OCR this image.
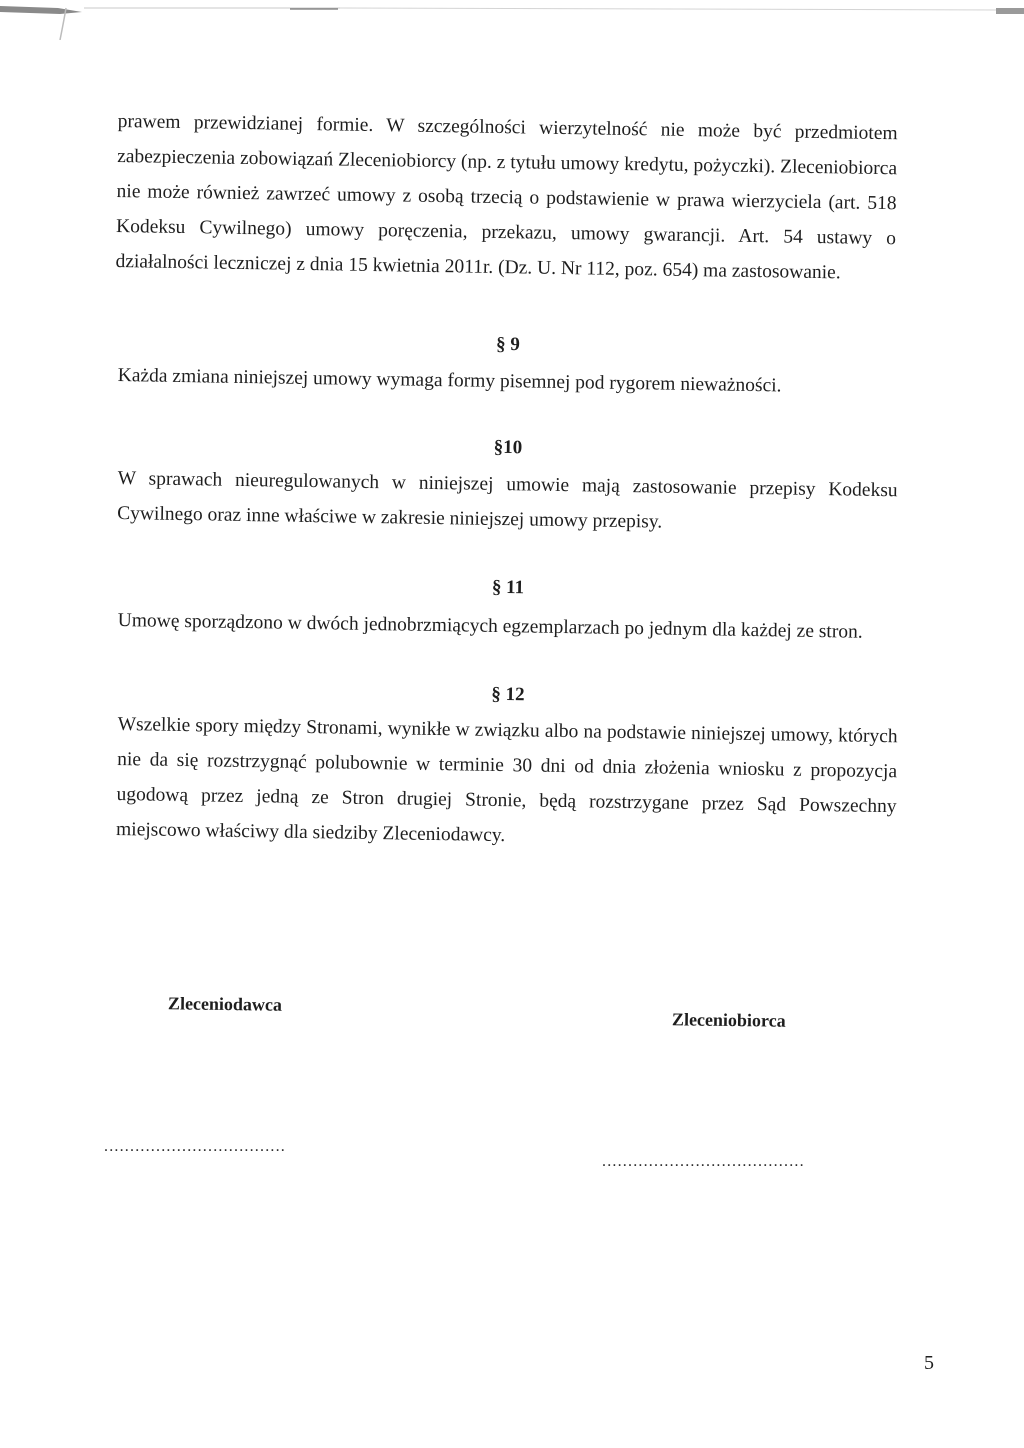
prawem przewidzianej formie. W szczególności wierzytelność nie może być przedmiotem zabezpieczenia zobowiązań Zleceniobiorcy (np. z tytułu umowy kredytu, pożyczki). Zleceniobiorca nie może również zawrzeć umowy z osobą trzecią o podstawienie w prawa wierzyciela (art. 518 Kodeksu Cywilnego) umowy poręczenia, przekazu, umowy gwarancji. Art. 54 ustawy o działalności leczniczej z dnia 15 kwietnia 2011r. (Dz. U. Nr 112, poz. 654) ma zastosowanie.
§ 9
Każda zmiana niniejszej umowy wymaga formy pisemnej pod rygorem nieważności.
§10
W sprawach nieuregulowanych w niniejszej umowie mają zastosowanie przepisy Kodeksu Cywilnego oraz inne właściwe w zakresie niniejszej umowy przepisy.
§ 11
Umowę sporządzono w dwóch jednobrzmiących egzemplarzach po jednym dla każdej ze stron.
§ 12
Wszelkie spory między Stronami, wynikłe w związku albo na podstawie niniejszej umowy, których nie da się rozstrzygnąć polubownie w terminie 30 dni od dnia złożenia wniosku z propozycja ugodową przez jedną ze Stron drugiej Stronie, będą rozstrzygane przez Sąd Powszechny miejscowo właściwy dla siedziby Zleceniodawcy.
Zleceniodawca
Zleceniobiorca
...................................
.......................................
5
